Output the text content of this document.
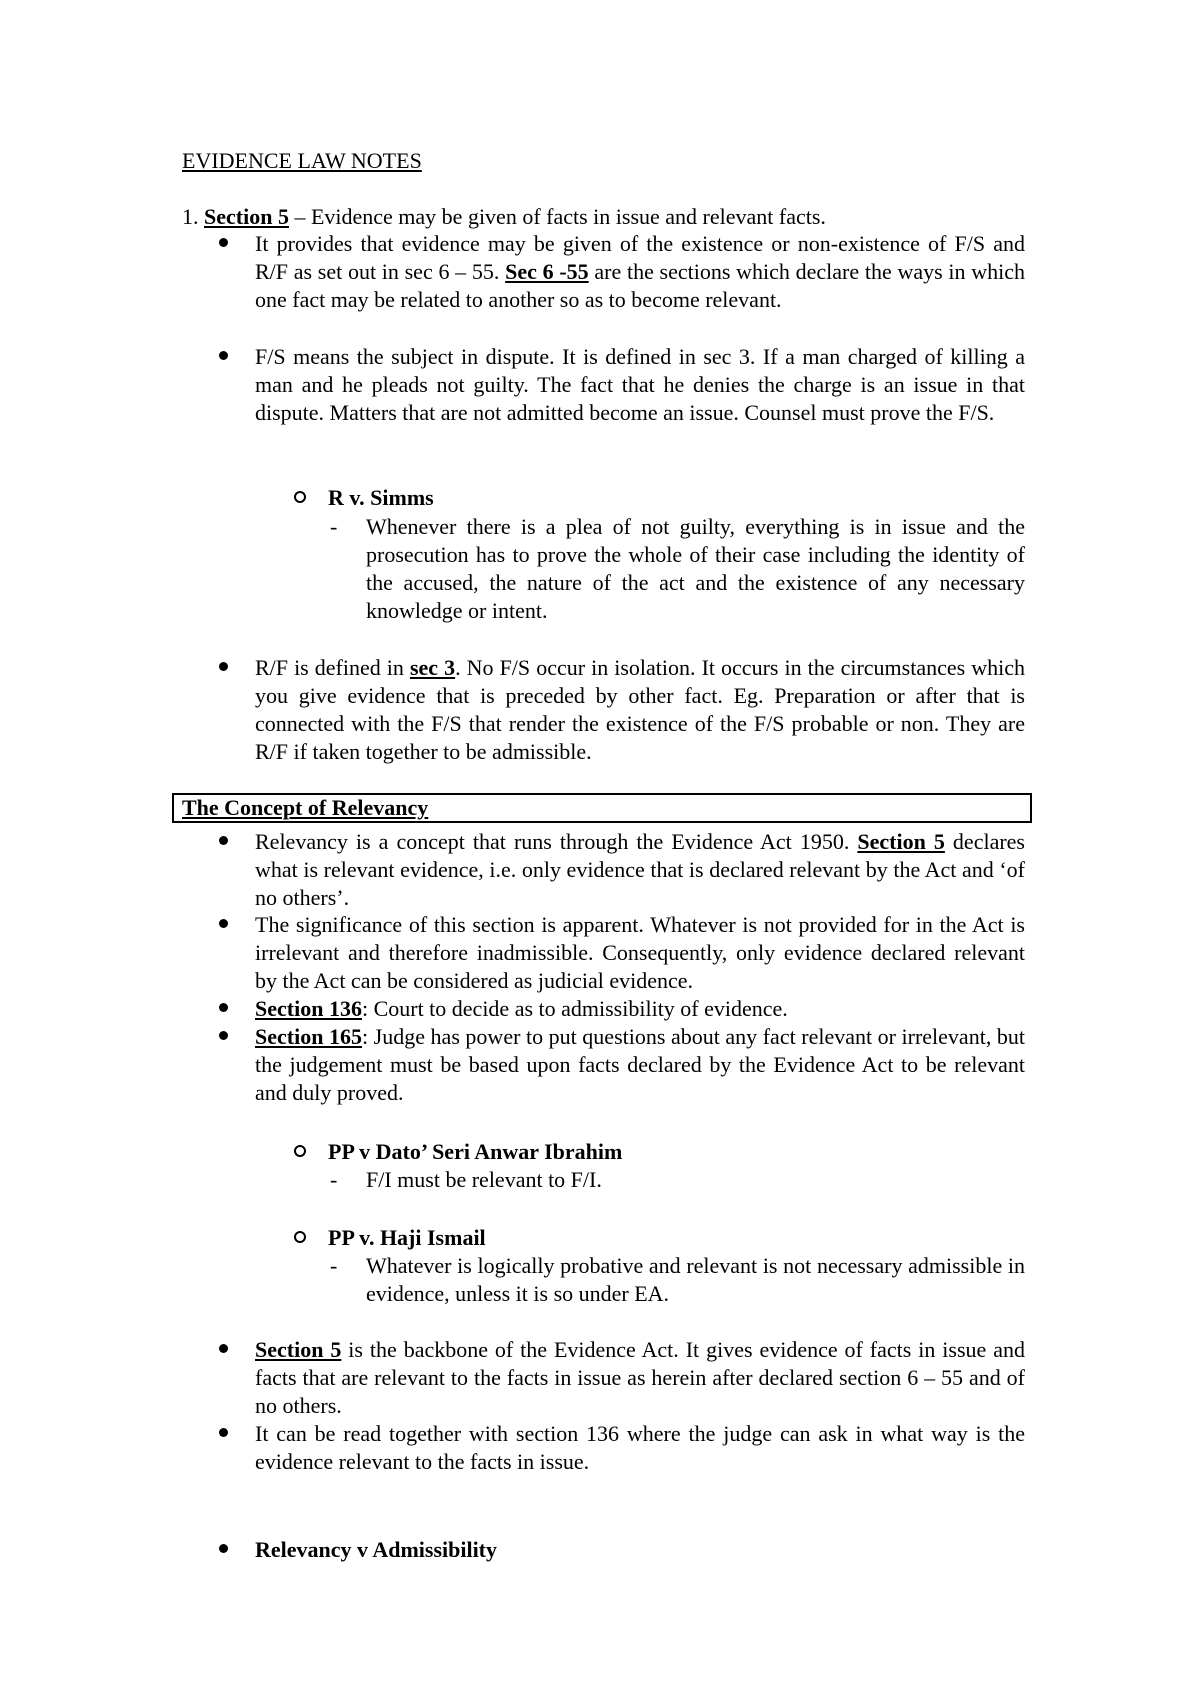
EVIDENCE LAW NOTES
1. Section 5 – Evidence may be given of facts in issue and relevant facts.
It provides that evidence may be given of the existence or non-existence of F/S and R/F as set out in sec 6 – 55. Sec 6 -55 are the sections which declare the ways in which one fact may be related to another so as to become relevant.
F/S means the subject in dispute. It is defined in sec 3. If a man charged of killing a man and he pleads not guilty. The fact that he denies the charge is an issue in that dispute. Matters that are not admitted become an issue. Counsel must prove the F/S.
R v. Simms
- Whenever there is a plea of not guilty, everything is in issue and the prosecution has to prove the whole of their case including the identity of the accused, the nature of the act and the existence of any necessary knowledge or intent.
R/F is defined in sec 3. No F/S occur in isolation. It occurs in the circumstances which you give evidence that is preceded by other fact. Eg. Preparation or after that is connected with the F/S that render the existence of the F/S probable or non. They are R/F if taken together to be admissible.
The Concept of Relevancy
Relevancy is a concept that runs through the Evidence Act 1950. Section 5 declares what is relevant evidence, i.e. only evidence that is declared relevant by the Act and ‘of no others’.
The significance of this section is apparent. Whatever is not provided for in the Act is irrelevant and therefore inadmissible. Consequently, only evidence declared relevant by the Act can be considered as judicial evidence.
Section 136: Court to decide as to admissibility of evidence.
Section 165: Judge has power to put questions about any fact relevant or irrelevant, but the judgement must be based upon facts declared by the Evidence Act to be relevant and duly proved.
PP v Dato’ Seri Anwar Ibrahim
- F/I must be relevant to F/I.
PP v. Haji Ismail
- Whatever is logically probative and relevant is not necessary admissible in evidence, unless it is so under EA.
Section 5 is the backbone of the Evidence Act. It gives evidence of facts in issue and facts that are relevant to the facts in issue as herein after declared section 6 – 55 and of no others.
It can be read together with section 136 where the judge can ask in what way is the evidence relevant to the facts in issue.
Relevancy v Admissibility
